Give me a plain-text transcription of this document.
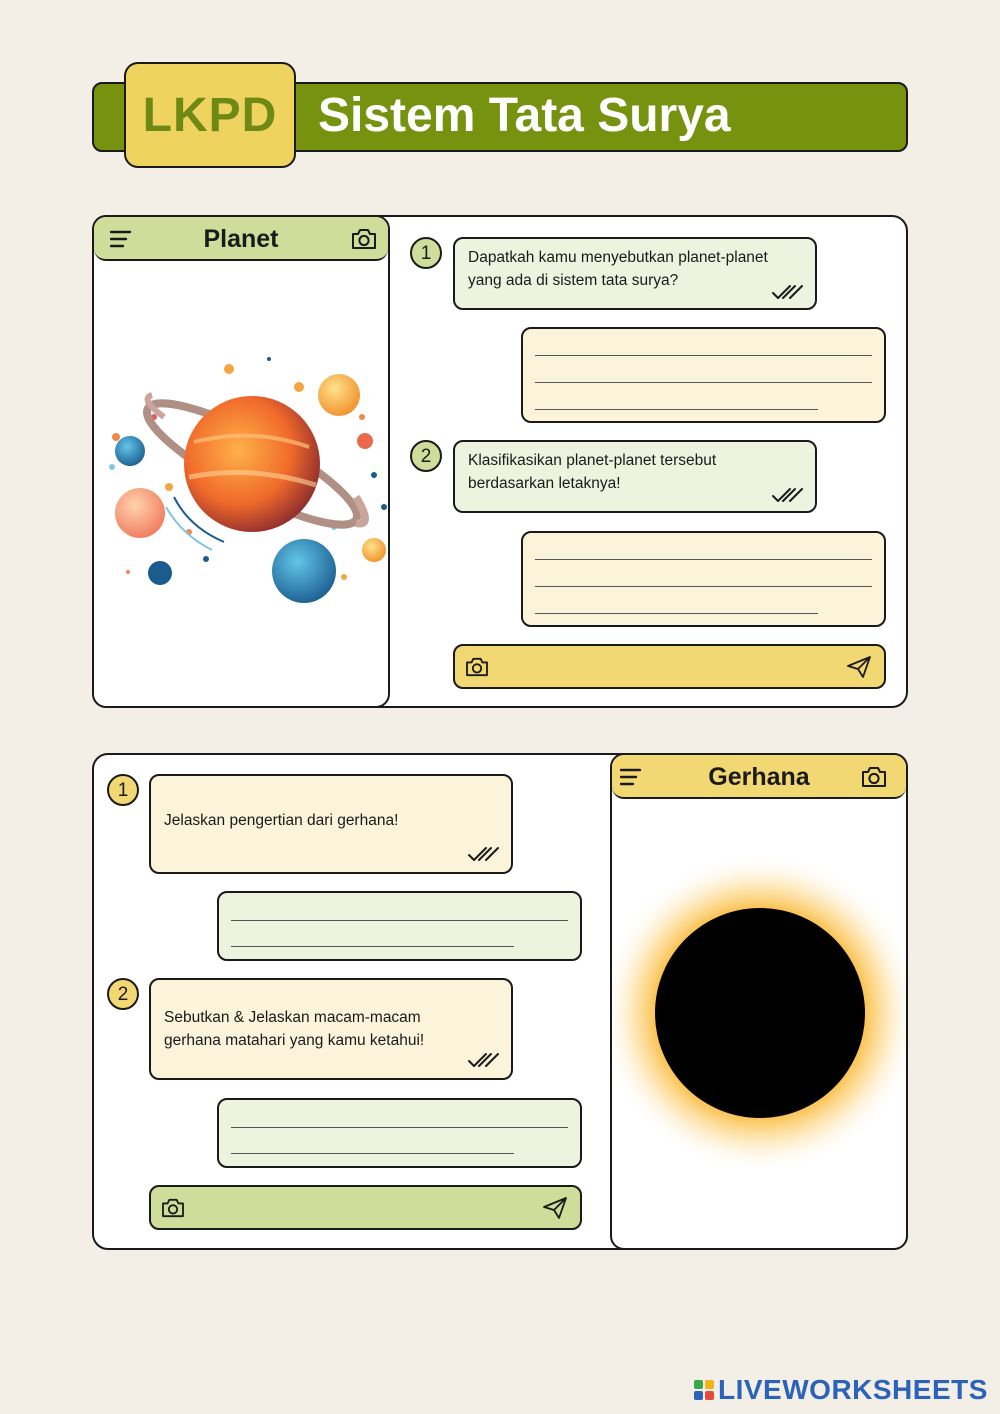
LKPD Sistem Tata Surya
Planet
1	Dapatkah kamu menyebutkan planet-planet yang ada di sistem tata surya?
2	Klasifikasikan planet-planet tersebut berdasarkan letaknya!
Gerhana
1
Jelaskan pengertian dari gerhana!
2
Sebutkan & Jelaskan macam-macam gerhana matahari yang kamu ketahui!
LIVEWORKSHEETS
